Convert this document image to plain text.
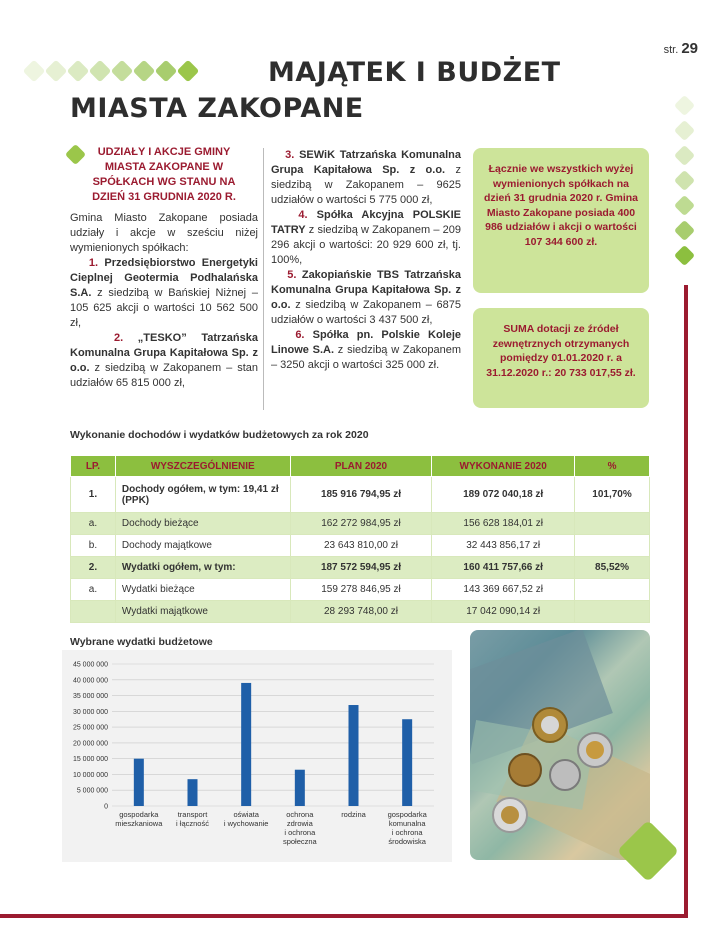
str. 29
MAJĄTEK I BUDŻET
MIASTA ZAKOPANE
UDZIAŁY I AKCJE GMINY MIASTA ZAKOPANE W SPÓŁKACH WG STANU NA DZIEŃ 31 GRUDNIA 2020 R.

Gmina Miasto Zakopane posiada udziały i akcje w sześciu niżej wymienionych spółkach:

1. Przedsiębiorstwo Energetyki Cieplnej Geotermia Podhalańska S.A. z siedzibą w Bańskiej Niżnej – 105 625 akcji o wartości 10 562 500 zł,

2. „TESKO” Tatrzańska Komunalna Grupa Kapitałowa Sp. z o.o. z siedzibą w Zakopanem – stan udziałów 65 815 000 zł,

3. SEWiK Tatrzańska Komunalna Grupa Kapitałowa Sp. z o.o. z siedzibą w Zakopanem – 9625 udziałów o wartości 5 775 000 zł,

4. Spółka Akcyjna POLSKIE TATRY z siedzibą w Zakopanem – 209 296 akcji o wartości: 20 929 600 zł, tj. 100%,

5. Zakopiańskie TBS Tatrzańska Komunalna Grupa Kapitałowa Sp. z o.o. z siedzibą w Zakopanem – 6875 udziałów o wartości 3 437 500 zł,

6. Spółka pn. Polskie Koleje Linowe S.A. z siedzibą w Zakopanem – 3250 akcji o wartości 325 000 zł.

Łącznie we wszystkich wyżej wymienionych spółkach na dzień 31 grudnia 2020 r. Gmina Miasto Zakopane posiada 400 986 udziałów i akcji o wartości 107 344 600 zł.
SUMA dotacji ze źródeł zewnętrznych otrzymanych pomiędzy 01.01.2020 r. a 31.12.2020 r.: 20 733 017,55 zł.
Wykonanie dochodów i wydatków budżetowych za rok 2020
LP.	WYSZCZEGÓLNIENIE	PLAN 2020	WYKONANIE 2020	%
1.	Dochody ogółem, w tym: 19,41 zł (PPK)	185 916 794,95 zł	189 072 040,18 zł	101,70%
a.	Dochody bieżące	162 272 984,95 zł	156 628 184,01 zł	
b.	Dochody majątkowe	23 643 810,00 zł	32 443 856,17 zł	
2.	Wydatki ogółem, w tym:	187 572 594,95 zł	160 411 757,66 zł	85,52%
a.	Wydatki bieżące	159 278 846,95 zł	143 369 667,52 zł	
	Wydatki majątkowe	28 293 748,00 zł	17 042 090,14 zł	
Wybrane wydatki budżetowe
45 000 000
40 000 000
35 000 000
30 000 000
25 000 000
20 000 000
15 000 000
10 000 000
5 000 000
0
gospodarka
mieszkaniowa
transport
i łączność
oświata
i wychowanie
ochrona
zdrowia
i ochrona
społeczna
rodzina	gospodarka
komunalna
i ochrona
środowiska
